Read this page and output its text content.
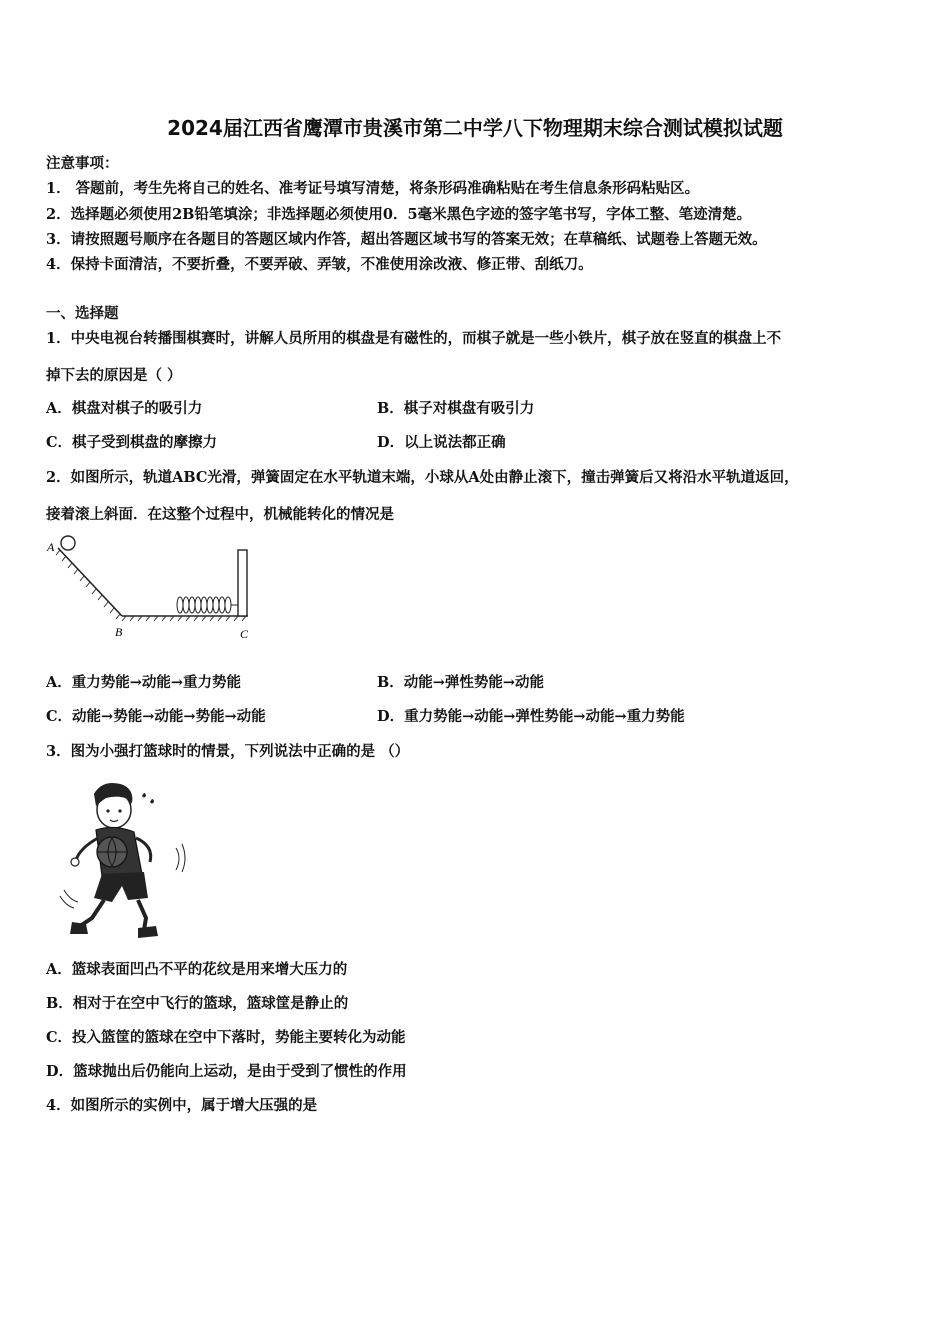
2024届江西省鹰潭市贵溪市第二中学八下物理期末综合测试模拟试题
注意事项：
1． 答题前，考生先将自己的姓名、准考证号填写清楚，将条形码准确粘贴在考生信息条形码粘贴区。
2．选择题必须使用2B铅笔填涂；非选择题必须使用0．5毫米黑色字迹的签字笔书写，字体工整、笔迹清楚。
3．请按照题号顺序在各题目的答题区域内作答，超出答题区域书写的答案无效；在草稿纸、试题卷上答题无效。
4．保持卡面清洁，不要折叠，不要弄破、弄皱，不准使用涂改液、修正带、刮纸刀。
一、选择题
1．中央电视台转播围棋赛时，讲解人员所用的棋盘是有磁性的，而棋子就是一些小铁片，棋子放在竖直的棋盘上不
掉下去的原因是（ ）
A．棋盘对棋子的吸引力	B．棋子对棋盘有吸引力
C．棋子受到棋盘的摩擦力	D．以上说法都正确
2．如图所示，轨道ABC光滑，弹簧固定在水平轨道末端，小球从A处由静止滚下，撞击弹簧后又将沿水平轨道返回，
接着滚上斜面．在这整个过程中，机械能转化的情况是
A
B	C
A．重力势能→动能→重力势能	B．动能→弹性势能→动能
C．动能→势能→动能→势能→动能	D．重力势能→动能→弹性势能→动能→重力势能
3．图为小强打篮球时的情景，下列说法中正确的是 （）
A．篮球表面凹凸不平的花纹是用来增大压力的
B．相对于在空中飞行的篮球，篮球筐是静止的
C．投入篮筐的篮球在空中下落时，势能主要转化为动能
D．篮球抛出后仍能向上运动，是由于受到了惯性的作用
4．如图所示的实例中，属于增大压强的是
